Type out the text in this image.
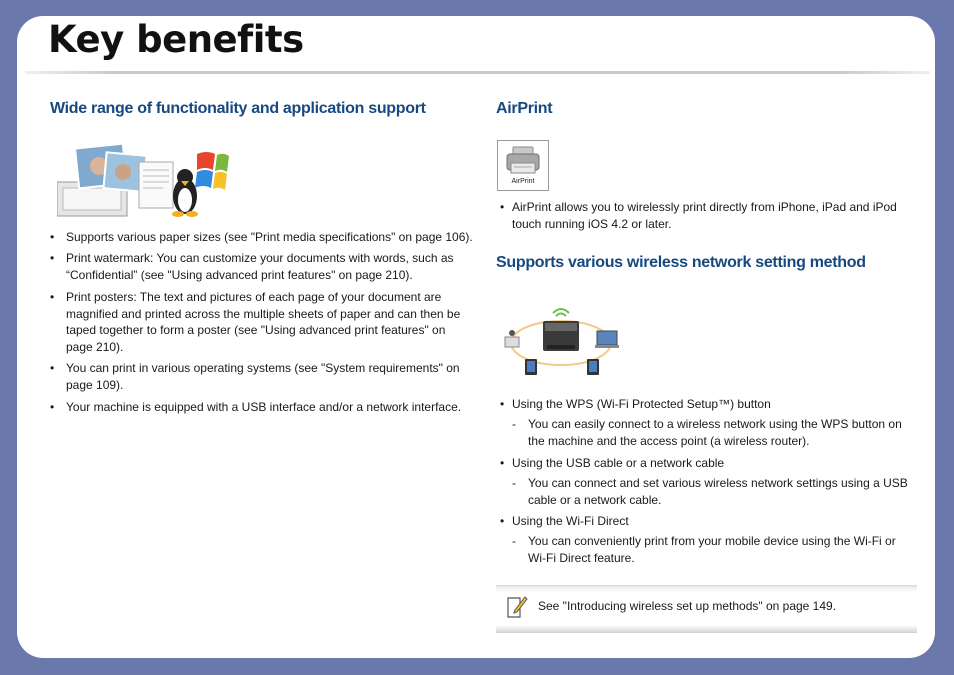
Key benefits
Wide range of functionality and application support
• Supports various paper sizes (see "Print media specifications" on page 106).
• Print watermark: You can customize your documents with words, such as “Confidential” (see "Using advanced print features" on page 210).
• Print posters: The text and pictures of each page of your document are magnified and printed across the multiple sheets of paper and can then be taped together to form a poster (see "Using advanced print features" on page 210).
• You can print in various operating systems (see "System requirements" on page 109).
• Your machine is equipped with a USB interface and/or a network interface.
AirPrint
AirPrint
• AirPrint allows you to wirelessly print directly from iPhone, iPad and iPod touch running iOS 4.2 or later.
Supports various wireless network setting method
• Using the WPS (Wi-Fi Protected Setup™) button
- You can easily connect to a wireless network using the WPS button on the machine and the access point (a wireless router).
• Using the USB cable or a network cable
- You can connect and set various wireless network settings using a USB cable or a network cable.
• Using the Wi-Fi Direct
- You can conveniently print from your mobile device using the Wi-Fi or Wi-Fi Direct feature.
See "Introducing wireless set up methods" on page 149.
